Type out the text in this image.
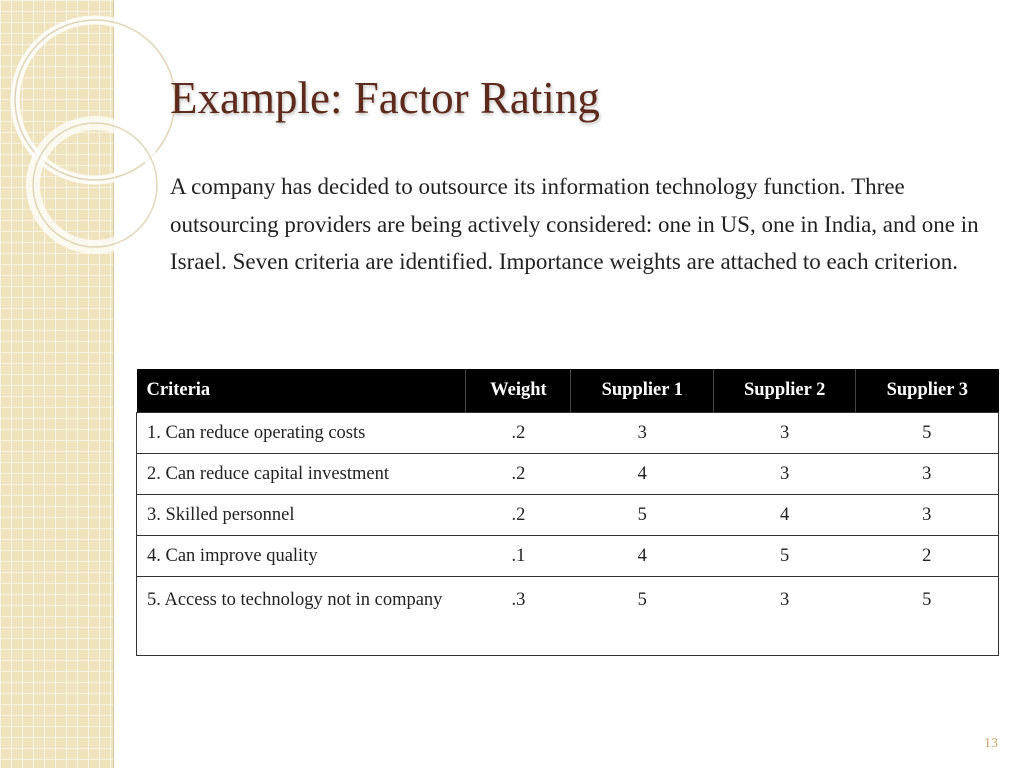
Example: Factor Rating

A company has decided to outsource its information technology function. Three outsourcing providers are being actively considered: one in US, one in India, and one in Israel. Seven criteria are identified. Importance weights are attached to each criterion.

Criteria	Weight	Supplier 1	Supplier 2	Supplier 3
1. Can reduce operating costs	.2	3	3	5
2. Can reduce capital investment	.2	4	3	3
3. Skilled personnel	.2	5	4	3
4. Can improve quality	.1	4	5	2
5. Access to technology not in company	.3	5	3	5
13
